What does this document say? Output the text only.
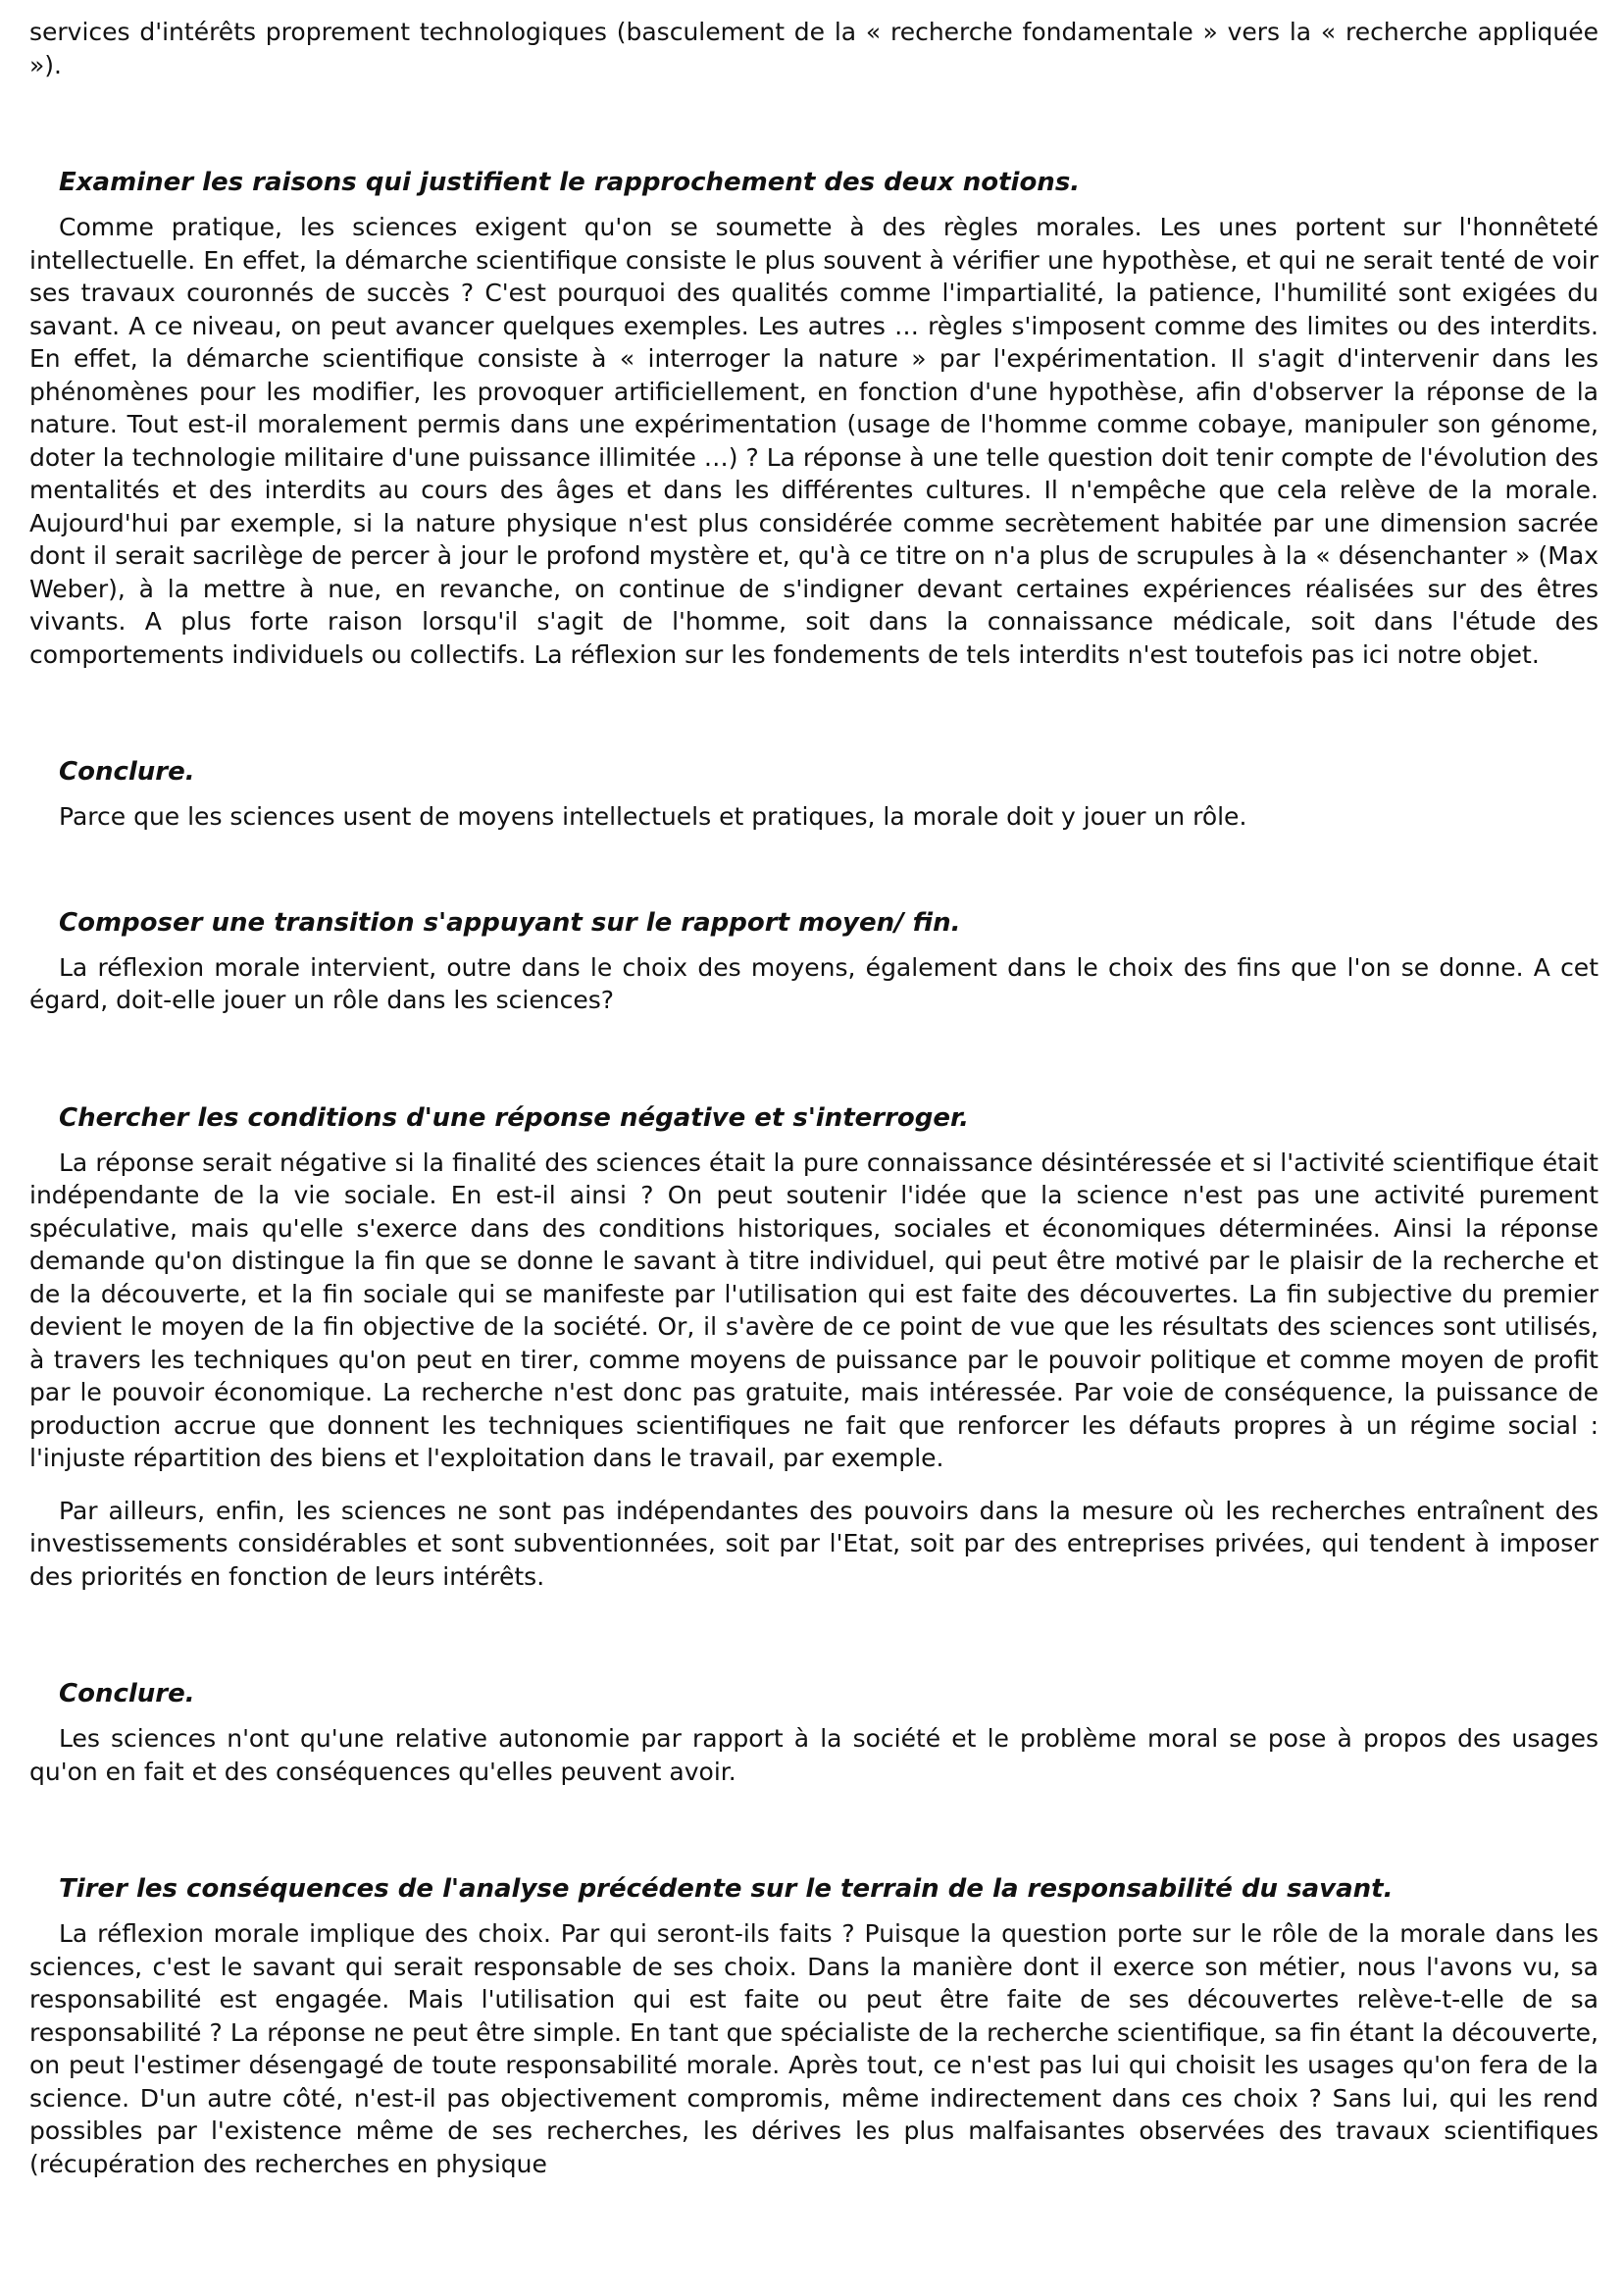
services d'intérêts proprement technologiques (basculement de la « recherche fondamentale » vers la « recherche appliquée »).

Examiner les raisons qui justifient le rapprochement des deux notions.

Comme pratique, les sciences exigent qu'on se soumette à des règles morales. Les unes portent sur l'honnêteté intellectuelle. En effet, la démarche scientifique consiste le plus souvent à vérifier une hypothèse, et qui ne serait tenté de voir ses travaux couronnés de succès ? C'est pourquoi des qualités comme l'impartialité, la patience, l'humilité sont exigées du savant. A ce niveau, on peut avancer quelques exemples. Les autres … règles s'imposent comme des limites ou des interdits. En effet, la démarche scientifique consiste à « interroger la nature » par l'expérimentation. Il s'agit d'intervenir dans les phénomènes pour les modifier, les provoquer artificiellement, en fonction d'une hypothèse, afin d'observer la réponse de la nature. Tout est-il moralement permis dans une expérimentation (usage de l'homme comme cobaye, manipuler son génome, doter la technologie militaire d'une puissance illimitée …) ? La réponse à une telle question doit tenir compte de l'évolution des mentalités et des interdits au cours des âges et dans les différentes cultures. Il n'empêche que cela relève de la morale. Aujourd'hui par exemple, si la nature physique n'est plus considérée comme secrètement habitée par une dimension sacrée dont il serait sacrilège de percer à jour le profond mystère et, qu'à ce titre on n'a plus de scrupules à la « désenchanter » (Max Weber), à la mettre à nue, en revanche, on continue de s'indigner devant certaines expériences réalisées sur des êtres vivants. A plus forte raison lorsqu'il s'agit de l'homme, soit dans la connaissance médicale, soit dans l'étude des comportements individuels ou collectifs. La réflexion sur les fondements de tels interdits n'est toutefois pas ici notre objet.

Conclure.

Parce que les sciences usent de moyens intellectuels et pratiques, la morale doit y jouer un rôle.

Composer une transition s'appuyant sur le rapport moyen/ fin.

La réflexion morale intervient, outre dans le choix des moyens, également dans le choix des fins que l'on se donne. A cet égard, doit-elle jouer un rôle dans les sciences?

Chercher les conditions d'une réponse négative et s'interroger.

La réponse serait négative si la finalité des sciences était la pure connaissance désintéressée et si l'activité scientifique était indépendante de la vie sociale. En est-il ainsi ? On peut soutenir l'idée que la science n'est pas une activité purement spéculative, mais qu'elle s'exerce dans des conditions historiques, sociales et économiques déterminées. Ainsi la réponse demande qu'on distingue la fin que se donne le savant à titre individuel, qui peut être motivé par le plaisir de la recherche et de la découverte, et la fin sociale qui se manifeste par l'utilisation qui est faite des découvertes. La fin subjective du premier devient le moyen de la fin objective de la société. Or, il s'avère de ce point de vue que les résultats des sciences sont utilisés, à travers les techniques qu'on peut en tirer, comme moyens de puissance par le pouvoir politique et comme moyen de profit par le pouvoir économique. La recherche n'est donc pas gratuite, mais intéressée. Par voie de conséquence, la puissance de production accrue que donnent les techniques scientifiques ne fait que renforcer les défauts propres à un régime social : l'injuste répartition des biens et l'exploitation dans le travail, par exemple.

Par ailleurs, enfin, les sciences ne sont pas indépendantes des pouvoirs dans la mesure où les recherches entraînent des investissements considérables et sont subventionnées, soit par l'Etat, soit par des entreprises privées, qui tendent à imposer des priorités en fonction de leurs intérêts.

Conclure.

Les sciences n'ont qu'une relative autonomie par rapport à la société et le problème moral se pose à propos des usages qu'on en fait et des conséquences qu'elles peuvent avoir.

Tirer les conséquences de l'analyse précédente sur le terrain de la responsabilité du savant.

La réflexion morale implique des choix. Par qui seront-ils faits ? Puisque la question porte sur le rôle de la morale dans les sciences, c'est le savant qui serait responsable de ses choix. Dans la manière dont il exerce son métier, nous l'avons vu, sa responsabilité est engagée. Mais l'utilisation qui est faite ou peut être faite de ses découvertes relève-t-elle de sa responsabilité ? La réponse ne peut être simple. En tant que spécialiste de la recherche scientifique, sa fin étant la découverte, on peut l'estimer désengagé de toute responsabilité morale. Après tout, ce n'est pas lui qui choisit les usages qu'on fera de la science. D'un autre côté, n'est-il pas objectivement compromis, même indirectement dans ces choix ? Sans lui, qui les rend possibles par l'existence même de ses recherches, les dérives les plus malfaisantes observées des travaux scientifiques (récupération des recherches en physique
